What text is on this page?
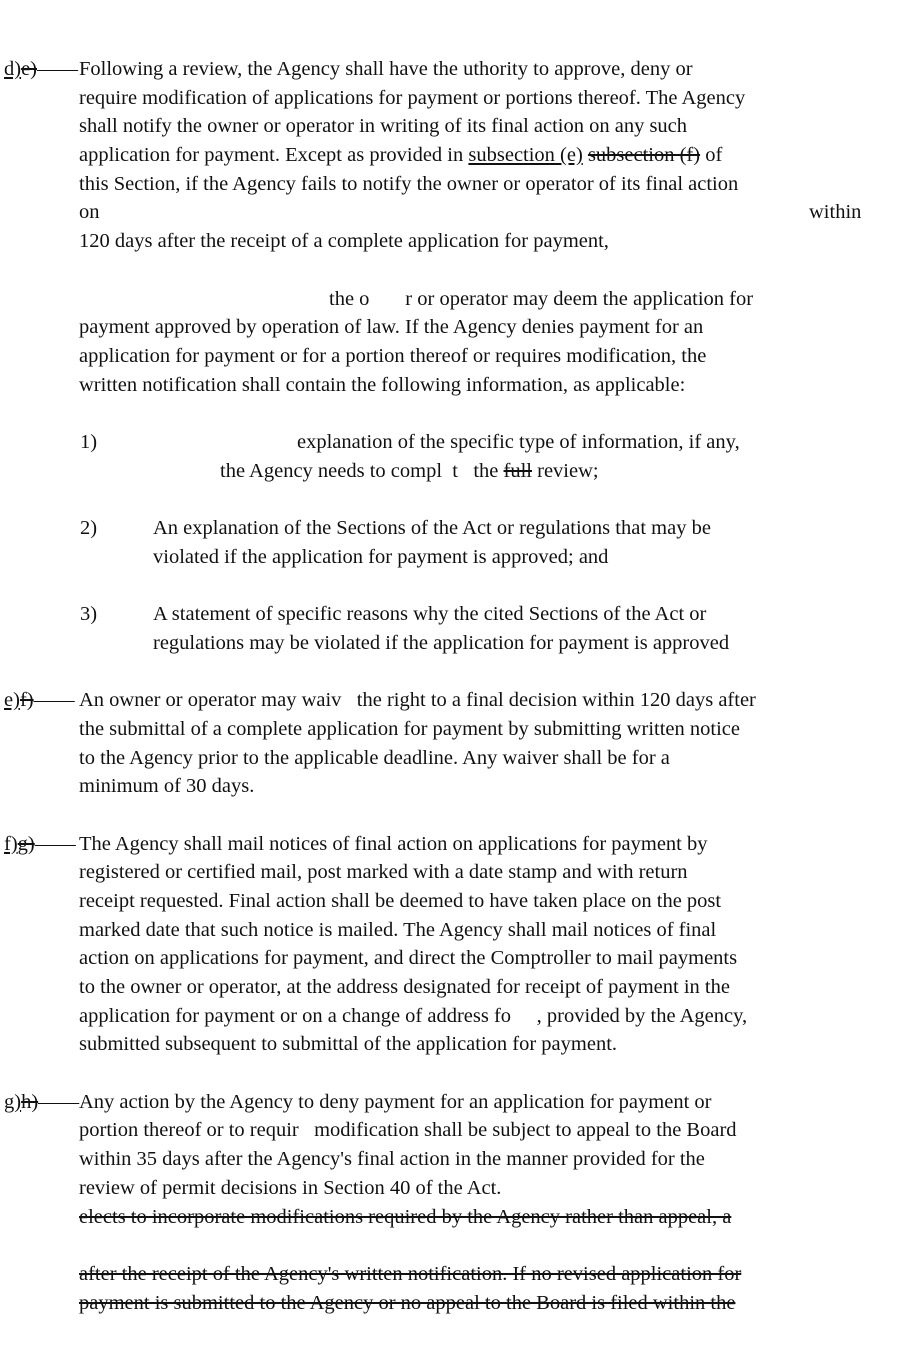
d)e)—— Following a review, the Agency shall have the uthority to approve, deny or
require modification of applications for payment or portions thereof. The Agency
shall notify the owner or operator in writing of its final action on any such
application for payment. Except as provided in subsection (e) subsection (f) of
this Section, if the Agency fails to notify the owner or operator of its final action
on	within
120 days after the receipt of a complete application for payment,
the o       r or operator may deem the application for
payment approved by operation of law. If the Agency denies payment for an
application for payment or for a portion thereof or requires modification, the
written notification shall contain the following information, as applicable:
1)	explanation of the specific type of information, if any,
the Agency needs to compl  t   the full review;
2)	An explanation of the Sections of the Act or regulations that may be
violated if the application for payment is approved; and
3)	A statement of specific reasons why the cited Sections of the Act or
regulations may be violated if the application for payment is approved
e)f)—— An owner or operator may waiv   the right to a final decision within 120 days after
the submittal of a complete application for payment by submitting written notice
to the Agency prior to the applicable deadline. Any waiver shall be for a
minimum of 30 days.
f)g)—— The Agency shall mail notices of final action on applications for payment by
registered or certified mail, post marked with a date stamp and with return
receipt requested. Final action shall be deemed to have taken place on the post
marked date that such notice is mailed. The Agency shall mail notices of final
action on applications for payment, and direct the Comptroller to mail payments
to the owner or operator, at the address designated for receipt of payment in the
application for payment or on a change of address fo     , provided by the Agency,
submitted subsequent to submittal of the application for payment.
g)h)—— Any action by the Agency to deny payment for an application for payment or
portion thereof or to requir   modification shall be subject to appeal to the Board
within 35 days after the Agency's final action in the manner provided for the
review of permit decisions in Section 40 of the Act.
elects to incorporate modifications required by the Agency rather than appeal, a
after the receipt of the Agency's written notification. If no revised application for
payment is submitted to the Agency or no appeal to the Board is filed within the
